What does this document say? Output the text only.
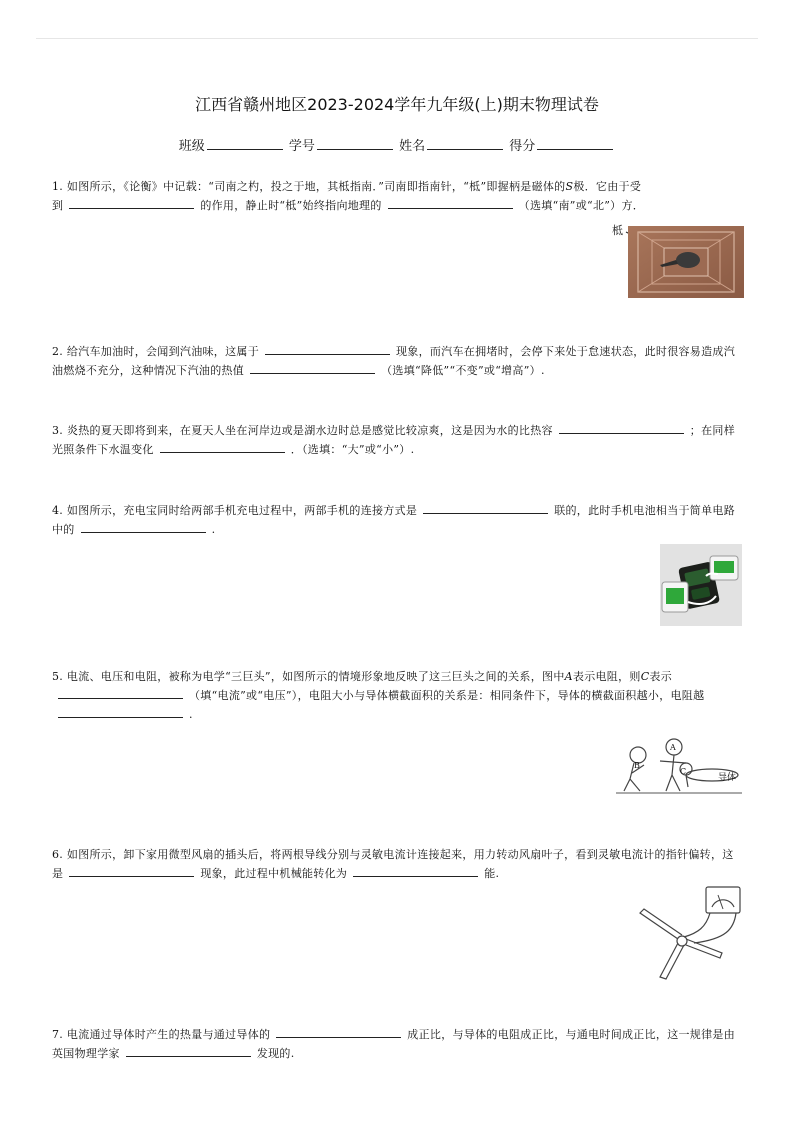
江西省赣州地区2023-2024学年九年级(上)期末物理试卷
班级	学号	姓名	得分
1. 如图所示，《论衡》中记载：“司南之杓，投之于地，其柢指南．”司南即指南针，“柢”即握柄是磁体的S极．它由于受
到	的作用，静止时“柢”始终指向地理的	（选填“南”或“北”）方．
柢
2. 给汽车加油时，会闻到汽油味，这属于	现象，而汽车在拥堵时，会停下来处于怠速状态，此时很容易造成汽油燃烧不充分，这种情况下汽油的热值	（选填“降低”“不变”或“增高”）.
3. 炎热的夏天即将到来，在夏天人坐在河岸边或是湖水边时总是感觉比较凉爽，这是因为水的比热容	；在同样光照条件下水温变化	．（选填：“大”或“小”）.
4. 如图所示，充电宝同时给两部手机充电过程中，两部手机的连接方式是	联的，此时手机电池相当于简单电路中的	.
5. 电流、电压和电阻，被称为电学“三巨头”，如图所示的情境形象地反映了这三巨头之间的关系，图中A表示电阻，则C表示（填“电流”或“电压”），电阻大小与导体横截面积的关系是：相同条件下，导体的横截面积越小，电阻越.
A
B
C
导体
6. 如图所示，卸下家用微型风扇的插头后，将两根导线分别与灵敏电流计连接起来，用力转动风扇叶子，看到灵敏电流计的指针偏转，这是	现象，此过程中机械能转化为	能.
7. 电流通过导体时产生的热量与通过导体的	成正比，与导体的电阻成正比，与通电时间成正比，这一规律是由英国物理学家	发现的.
